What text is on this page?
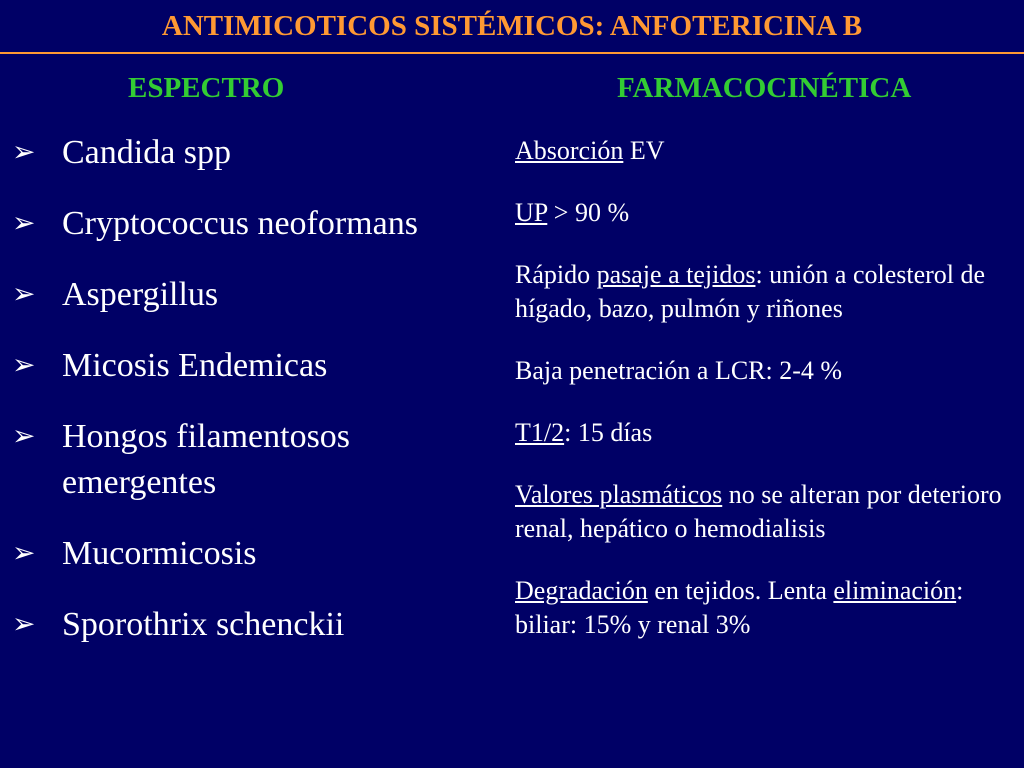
ANTIMICOTICOS SISTÉMICOS: ANFOTERICINA B
ESPECTRO	FARMACOCINÉTICA
➢ Candida spp
➢ Cryptococcus neoformans
➢ Aspergillus
➢ Micosis Endemicas
➢ Hongos filamentosos emergentes
➢ Mucormicosis
➢ Sporothrix schenckii

Absorción EV

UP > 90 %

Rápido pasaje a tejidos: unión a colesterol de hígado, bazo, pulmón y riñones

Baja penetración a LCR: 2-4 %

T1/2: 15 días

Valores plasmáticos no se alteran por deterioro renal, hepático o hemodialisis

Degradación en tejidos. Lenta eliminación: biliar: 15% y renal 3%
